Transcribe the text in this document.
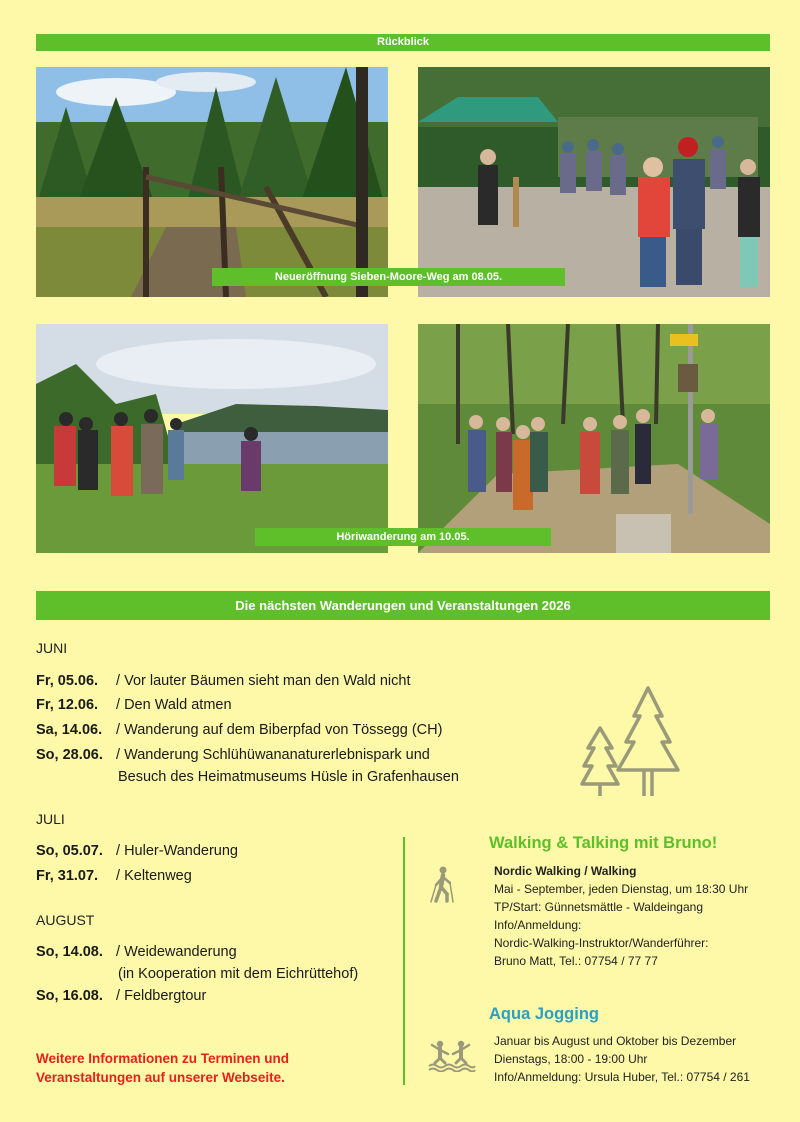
Rückblick
Neueröffnung Sieben-Moore-Weg am 08.05.
Höriwanderung am 10.05.
Die nächsten Wanderungen und Veranstaltungen 2026
JUNI
Fr, 05.06. / Vor lauter Bäumen sieht man den Wald nicht
Fr, 12.06. / Den Wald atmen
Sa, 14.06. / Wanderung auf dem Biberpfad von Tössegg (CH)
So, 28.06. / Wanderung Schlühüwananaturerlebnispark und
Besuch des Heimatmuseums Hüsle in Grafenhausen
JULI
So, 05.07. / Huler-Wanderung
Fr, 31.07. / Keltenweg
AUGUST
So, 14.08. / Weidewanderung
(in Kooperation mit dem Eichrüttehof)
So, 16.08. / Feldbergtour
Weitere Informationen zu Terminen und
Veranstaltungen auf unserer Webseite.
Walking & Talking mit Bruno!
Nordic Walking / Walking
Mai - September, jeden Dienstag, um 18:30 Uhr
TP/Start: Günnetsmättle - Waldeingang
Info/Anmeldung:
Nordic-Walking-Instruktor/Wanderführer:
Bruno Matt, Tel.: 07754 / 77 77
Aqua Jogging
Januar bis August und Oktober bis Dezember
Dienstags, 18:00 - 19:00 Uhr
Info/Anmeldung: Ursula Huber, Tel.: 07754 / 261
